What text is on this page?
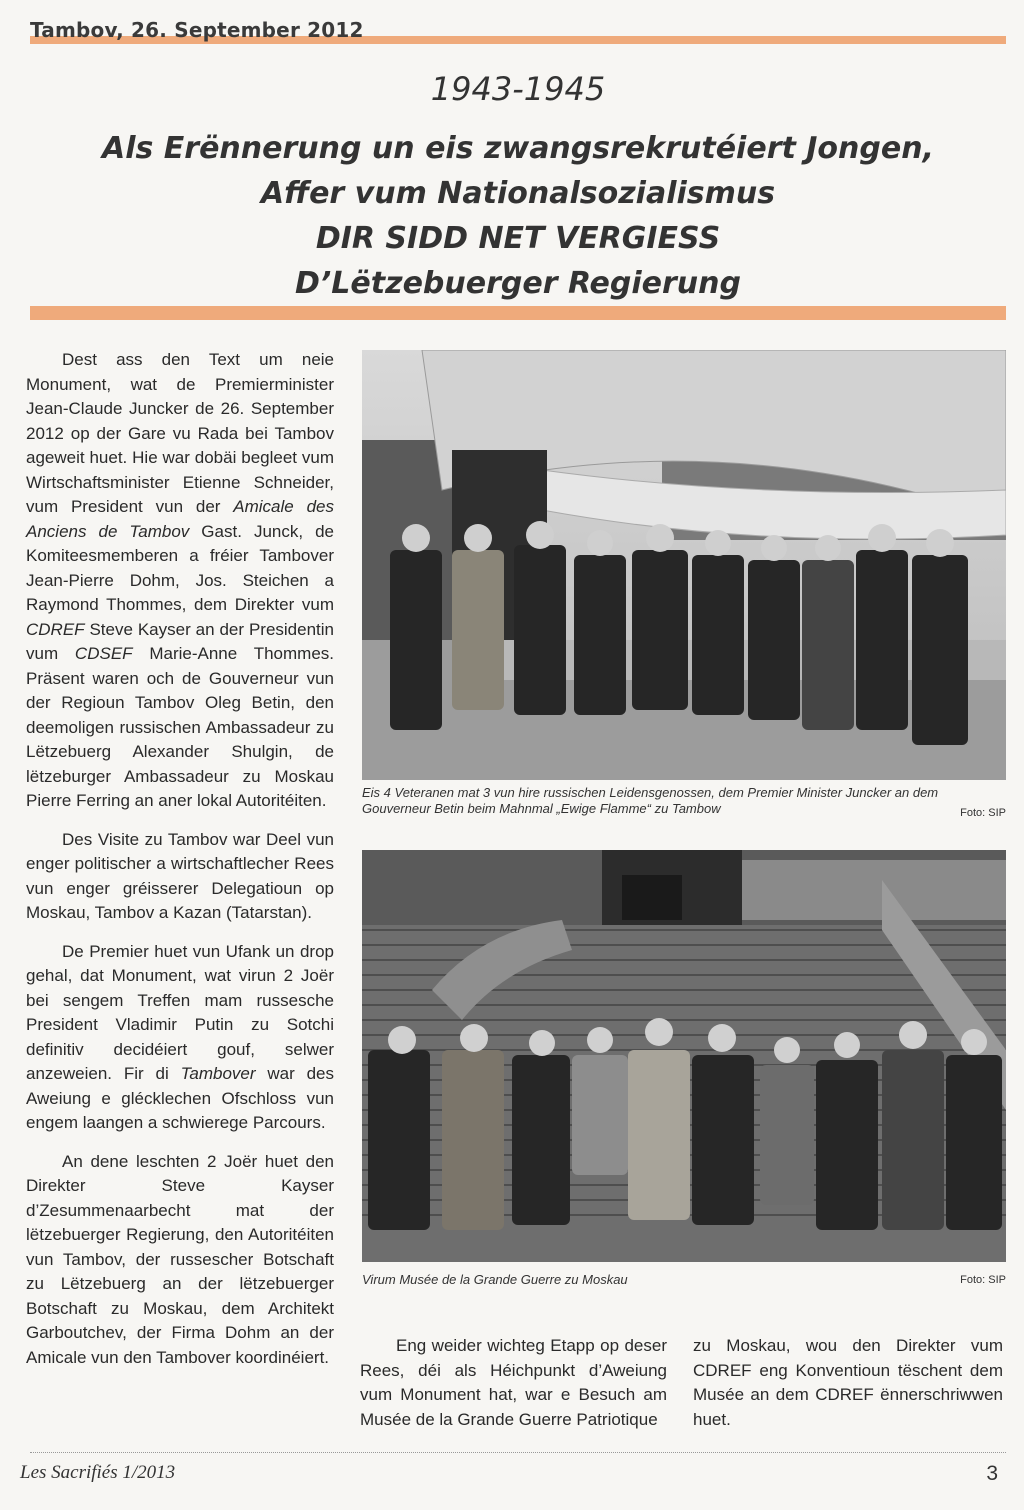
Tambov, 26. September 2012
1943-1945
Als Erënnerung un eis zwangsrekrutéiert Jongen,
Affer vum Nationalsozialismus
DIR SIDD NET VERGIESS
D’Lëtzebuerger Regierung

Dest ass den Text um neie Monument, wat de Premierminister Jean-Claude Juncker de 26. September 2012 op der Gare vu Rada bei Tambov ageweit huet. Hie war dobäi begleet vum Wirtschaftsminister Etienne Schneider, vum President vun der Amicale des Anciens de Tambov Gast. Junck, de Komiteesmemberen a fréier Tambover Jean-Pierre Dohm, Jos. Steichen a Raymond Thommes, dem Direkter vum CDREF Steve Kayser an der Presidentin vum CDSEF Marie-Anne Thommes. Präsent waren och de Gouverneur vun der Regioun Tambov Oleg Betin, den deemoligen russischen Ambassadeur zu Lëtzebuerg Alexander Shulgin, de lëtzeburger Ambassadeur zu Moskau Pierre Ferring an aner lokal Autoritéiten.

Des Visite zu Tambov war Deel vun enger politischer a wirtschaftlecher Rees vun enger gréisserer Delegatioun op Moskau, Tambov a Kazan (Tatarstan).

De Premier huet vun Ufank un drop gehal, dat Monument, wat virun 2 Joër bei sengem Treffen mam russesche President Vladimir Putin zu Sotchi definitiv decidéiert gouf, selwer anzeweien. Fir di Tambover war des Aweiung e glécklechen Ofschloss vun engem laangen a schwierege Parcours.

An dene leschten 2 Joër huet den Direkter Steve Kayser d’Zesummenaarbecht mat der lëtzebuerger Regierung, den Autoritéiten vun Tambov, der russescher Botschaft zu Lëtzebuerg an der lëtzebuerger Botschaft zu Moskau, dem Architekt Garboutchev, der Firma Dohm an der Amicale vun den Tambover koordinéiert.

Eis 4 Veteranen mat 3 vun hire russischen Leidensgenossen, dem Premier Minister Juncker an dem Gouverneur Betin beim Mahnmal „Ewige Flamme“ zu Tambow	Foto: SIP
Virum Musée de la Grande Guerre zu Moskau	Foto: SIP

Eng weider wichteg Etapp op deser Rees, déi als Héichpunkt d’Aweiung vum Monument hat, war e Besuch am Musée de la Grande Guerre Patriotique

zu Moskau, wou den Direkter vum CDREF eng Konventioun tëschent dem Musée an dem CDREF ënnerschriwwen huet.

Les Sacrifiés 1/2013	3
